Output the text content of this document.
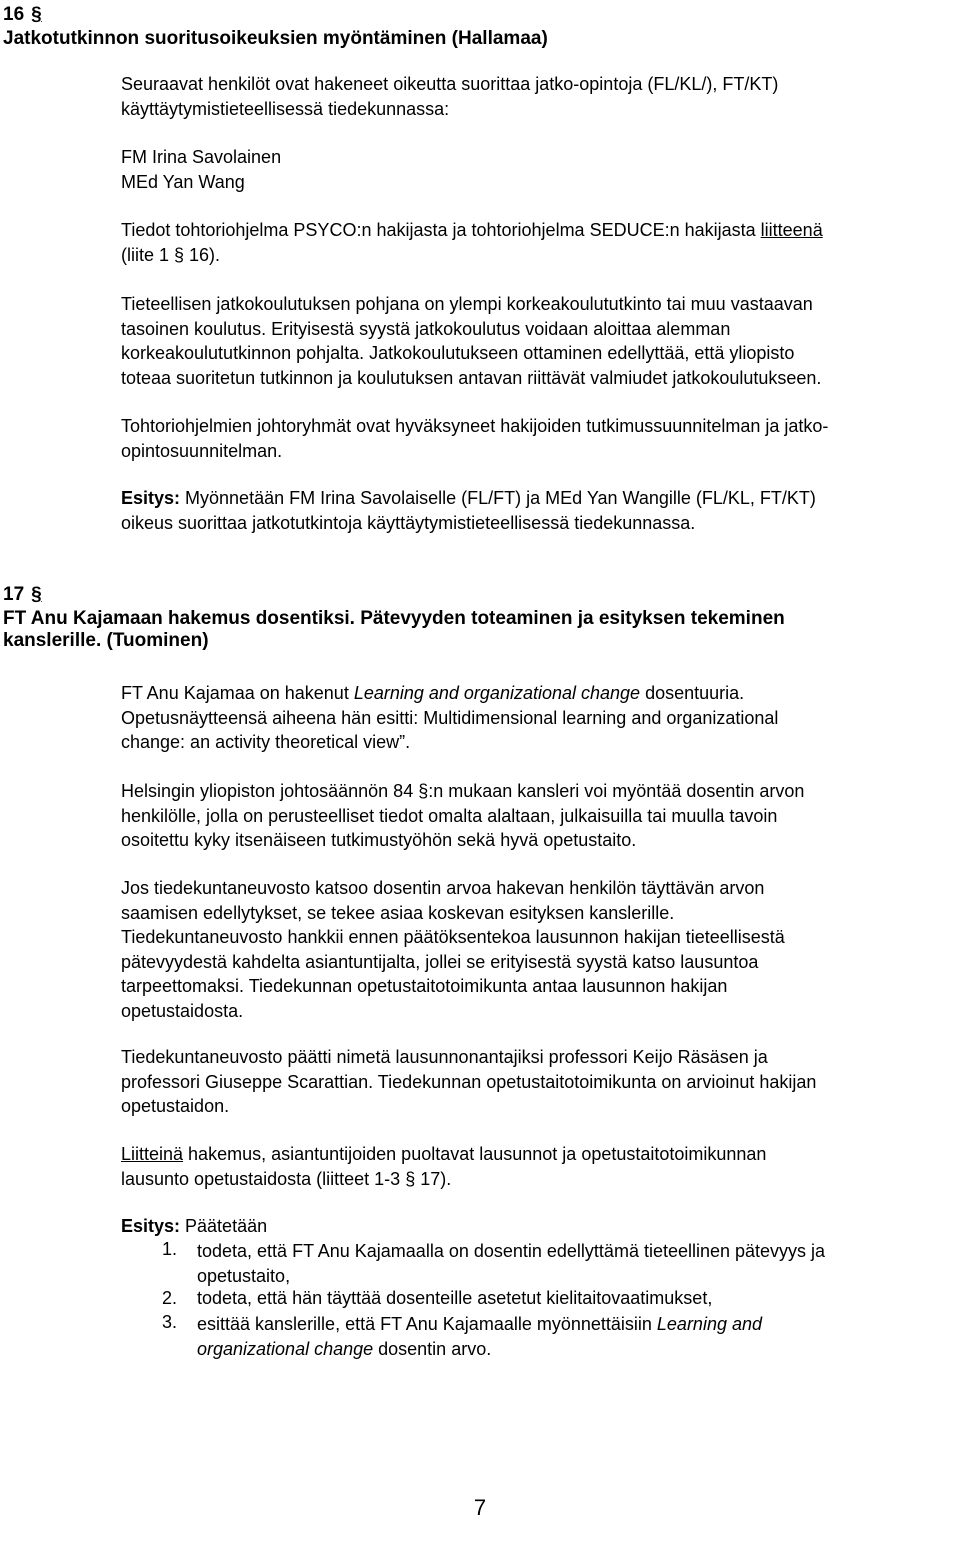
16 §
Jatkotutkinnon suoritusoikeuksien myöntäminen (Hallamaa)
Seuraavat henkilöt ovat hakeneet oikeutta suorittaa jatko-opintoja (FL/KL/), FT/KT)
käyttäytymistieteellisessä tiedekunnassa:
FM Irina Savolainen
MEd Yan Wang
Tiedot tohtoriohjelma PSYCO:n hakijasta ja tohtoriohjelma SEDUCE:n hakijasta liitteenä
(liite 1 § 16).
Tieteellisen jatkokoulutuksen pohjana on ylempi korkeakoulututkinto tai muu vastaavan
tasoinen koulutus. Erityisestä syystä jatkokoulutus voidaan aloittaa alemman
korkeakoulututkinnon pohjalta. Jatkokoulutukseen ottaminen edellyttää, että yliopisto
toteaa suoritetun tutkinnon ja koulutuksen antavan riittävät valmiudet jatkokoulutukseen.
Tohtoriohjelmien johtoryhmät ovat hyväksyneet hakijoiden tutkimussuunnitelman ja jatko-
opintosuunnitelman.
Esitys: Myönnetään FM Irina Savolaiselle (FL/FT) ja MEd Yan Wangille (FL/KL, FT/KT)
oikeus suorittaa jatkotutkintoja käyttäytymistieteellisessä tiedekunnassa.
17 §
FT Anu Kajamaan hakemus dosentiksi. Pätevyyden toteaminen ja esityksen tekeminen
kanslerille. (Tuominen)
FT Anu Kajamaa on hakenut Learning and organizational change dosentuuria.
Opetusnäytteensä aiheena hän esitti: Multidimensional learning and organizational
change: an activity theoretical view”.
Helsingin yliopiston johtosäännön 84 §:n mukaan kansleri voi myöntää dosentin arvon
henkilölle, jolla on perusteelliset tiedot omalta alaltaan, julkaisuilla tai muulla tavoin
osoitettu kyky itsenäiseen tutkimustyöhön sekä hyvä opetustaito.
Jos tiedekuntaneuvosto katsoo dosentin arvoa hakevan henkilön täyttävän arvon
saamisen edellytykset, se tekee asiaa koskevan esityksen kanslerille.
Tiedekuntaneuvosto hankkii ennen päätöksentekoa lausunnon hakijan tieteellisestä
pätevyydestä kahdelta asiantuntijalta, jollei se erityisestä syystä katso lausuntoa
tarpeettomaksi. Tiedekunnan opetustaitotoimikunta antaa lausunnon hakijan
opetustaidosta.
Tiedekuntaneuvosto päätti nimetä lausunnonantajiksi professori Keijo Räsäsen ja
professori Giuseppe Scarattian. Tiedekunnan opetustaitotoimikunta on arvioinut hakijan
opetustaidon.
Liitteinä hakemus, asiantuntijoiden puoltavat lausunnot ja opetustaitotoimikunnan
lausunto opetustaidosta (liitteet 1-3 § 17).
Esitys: Päätetään
1. todeta, että FT Anu Kajamaalla on dosentin edellyttämä tieteellinen pätevyys ja
opetustaito,
2. todeta, että hän täyttää dosenteille asetetut kielitaitovaatimukset,
3. esittää kanslerille, että FT Anu Kajamaalle myönnettäisiin Learning and
organizational change dosentin arvo.
7
